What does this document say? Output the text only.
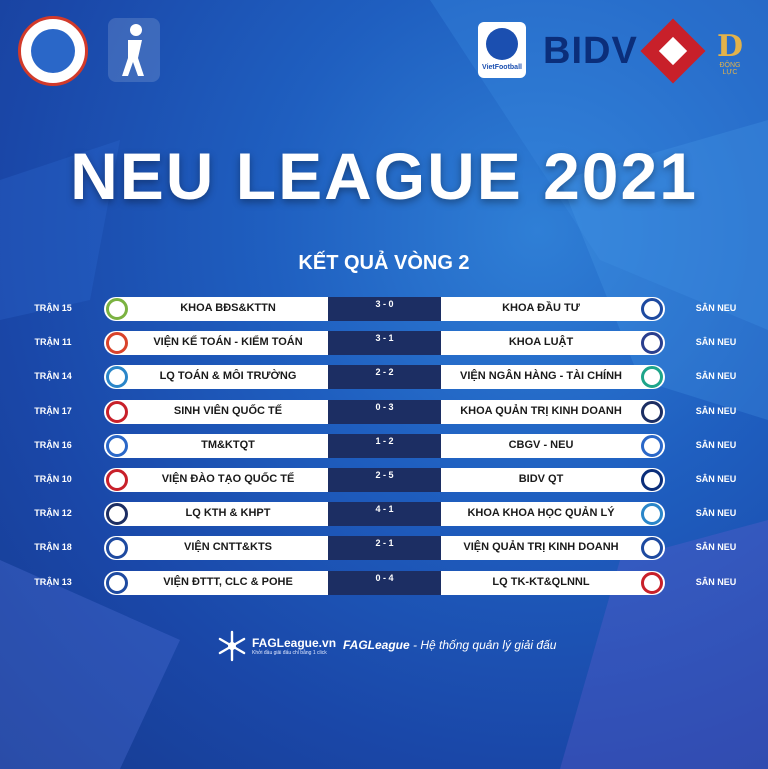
VietFootball BIDV	D
ĐỘNG LỰC
NEU LEAGUE 2021
KẾT QUẢ VÒNG 2
TRẬN 15	KHOA BĐS&KTTN	3 - 0	KHOA ĐẦU TƯ	SÂN NEU
TRẬN 11	VIỆN KẾ TOÁN - KIỂM TOÁN	3 - 1	KHOA LUẬT	SÂN NEU
TRẬN 14	LQ TOÁN & MÔI TRƯỜNG	2 - 2	VIỆN NGÂN HÀNG - TÀI CHÍNH	SÂN NEU
TRẬN 17	SINH VIÊN QUỐC TẾ	0 - 3	KHOA QUẢN TRỊ KINH DOANH	SÂN NEU
TRẬN 16	TM&KTQT	1 - 2	CBGV - NEU	SÂN NEU
TRẬN 10	VIỆN ĐÀO TẠO QUỐC TẾ	2 - 5	BIDV QT	SÂN NEU
TRẬN 12	LQ KTH & KHPT	4 - 1	KHOA KHOA HỌC QUẢN LÝ	SÂN NEU
TRẬN 18	VIỆN CNTT&KTS	2 - 1	VIỆN QUẢN TRỊ KINH DOANH	SÂN NEU
TRẬN 13	VIỆN ĐTTT, CLC & POHE	0 - 4	LQ TK-KT&QLNNL	SÂN NEU
FAGLeague.vn
Khởi đầu giải đấu chỉ bằng 1 click
FAGLeague - Hệ thống quản lý giải đấu
